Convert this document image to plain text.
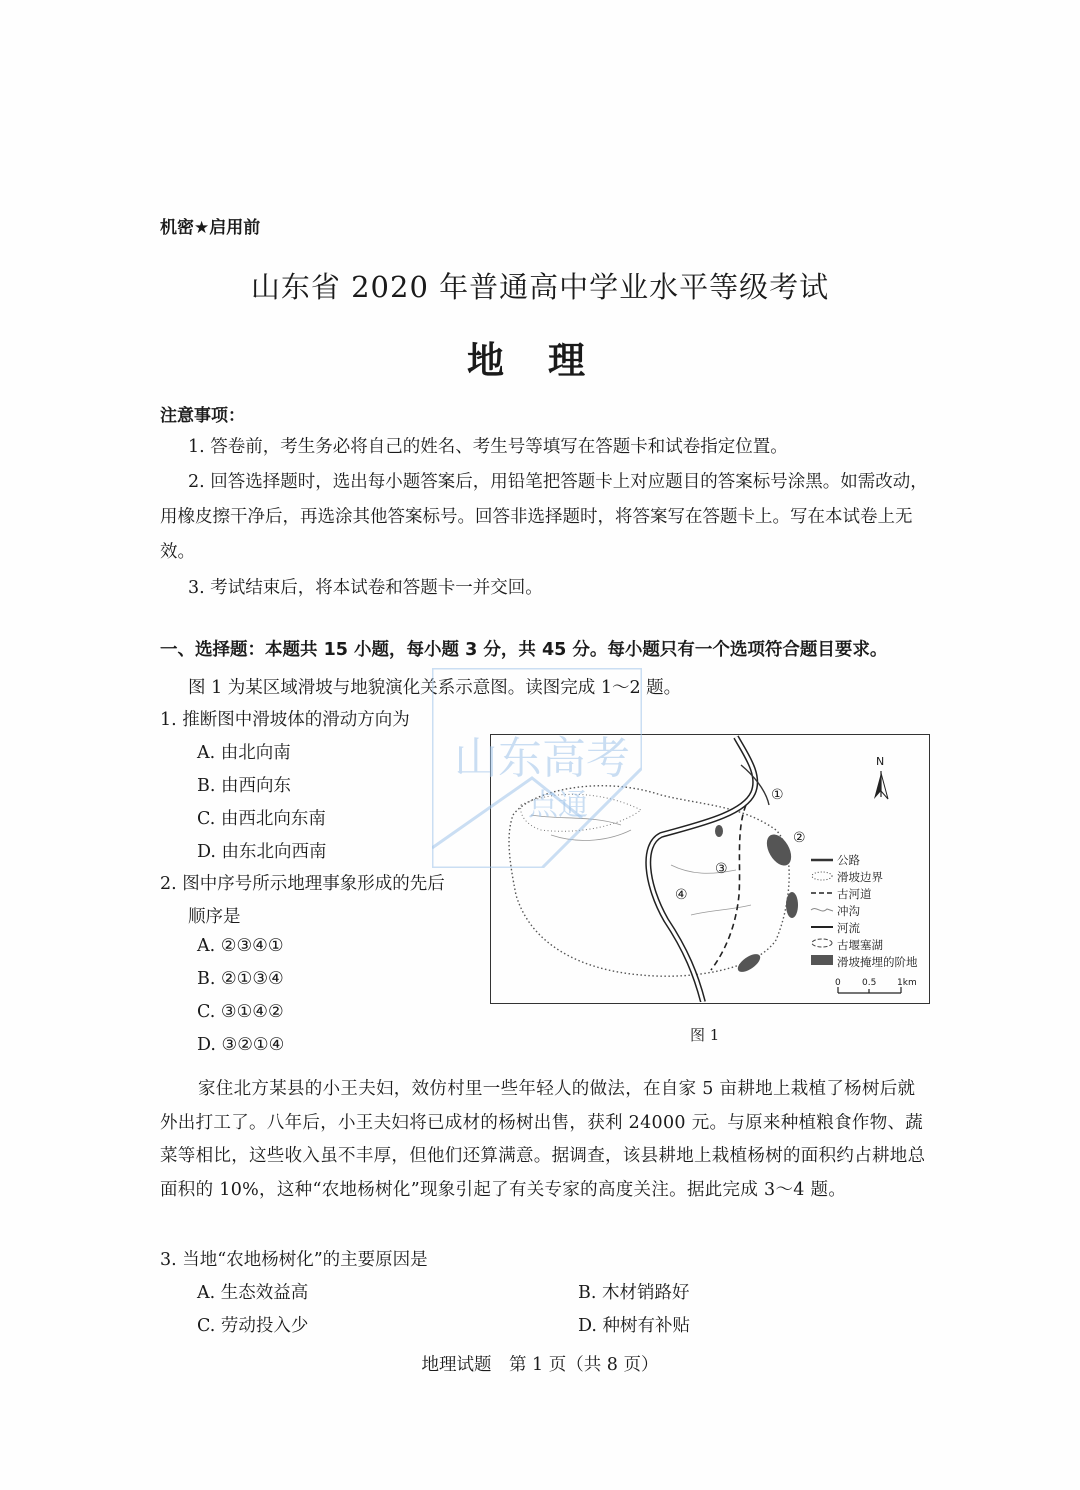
机密★启用前
山东省 2020 年普通高中学业水平等级考试
地理
注意事项：
1. 答卷前，考生务必将自己的姓名、考生号等填写在答题卡和试卷指定位置。
2. 回答选择题时，选出每小题答案后，用铅笔把答题卡上对应题目的答案标号涂黑。如需改动，用橡皮擦干净后，再选涂其他答案标号。回答非选择题时，将答案写在答题卡上。写在本试卷上无效。
3. 考试结束后，将本试卷和答题卡一并交回。
一、选择题：本题共 15 小题，每小题 3 分，共 45 分。每小题只有一个选项符合题目要求。
图 1 为某区域滑坡与地貌演化关系示意图。读图完成 1～2 题。
1. 推断图中滑坡体的滑动方向为
A. 由北向南
B. 由西向东
C. 由西北向东南
D. 由东北向西南
2. 图中序号所示地理事象形成的先后
顺序是
A. ②③④①
B. ②①③④
C. ③①④②
D. ③②①④
①
②
③
④
N
公路
滑坡边界
古河道
冲沟
河流
古堰塞湖
滑坡掩埋的阶地
0 0.5 1km
图 1
山东高考
点通
家住北方某县的小王夫妇，效仿村里一些年轻人的做法，在自家 5 亩耕地上栽植了杨树后就外出打工了。八年后，小王夫妇将已成材的杨树出售，获利 24000 元。与原来种植粮食作物、蔬菜等相比，这些收入虽不丰厚，但他们还算满意。据调查，该县耕地上栽植杨树的面积约占耕地总面积的 10%，这种“农地杨树化”现象引起了有关专家的高度关注。据此完成 3～4 题。
3. 当地“农地杨树化”的主要原因是
A. 生态效益高	B. 木材销路好
C. 劳动投入少	D. 种树有补贴
地理试题　第 1 页（共 8 页）
